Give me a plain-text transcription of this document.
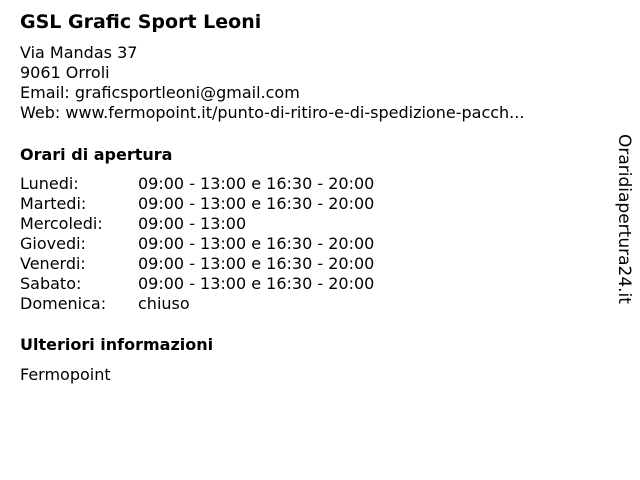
GSL Grafic Sport Leoni
Via Mandas 37
9061 Orroli
Email: graficsportleoni@gmail.com
Web: www.fermopoint.it/punto-di-ritiro-e-di-spedizione-pacch...
Orari di apertura
Lunedi:	09:00 - 13:00 e 16:30 - 20:00
Martedi:	09:00 - 13:00 e 16:30 - 20:00
Mercoledi: 09:00 - 13:00
Giovedi:	09:00 - 13:00 e 16:30 - 20:00
Venerdi:	09:00 - 13:00 e 16:30 - 20:00
Sabato:	09:00 - 13:00 e 16:30 - 20:00
Domenica: chiuso
Ulteriori informazioni
Fermopoint
Oraridiapertura24.it
